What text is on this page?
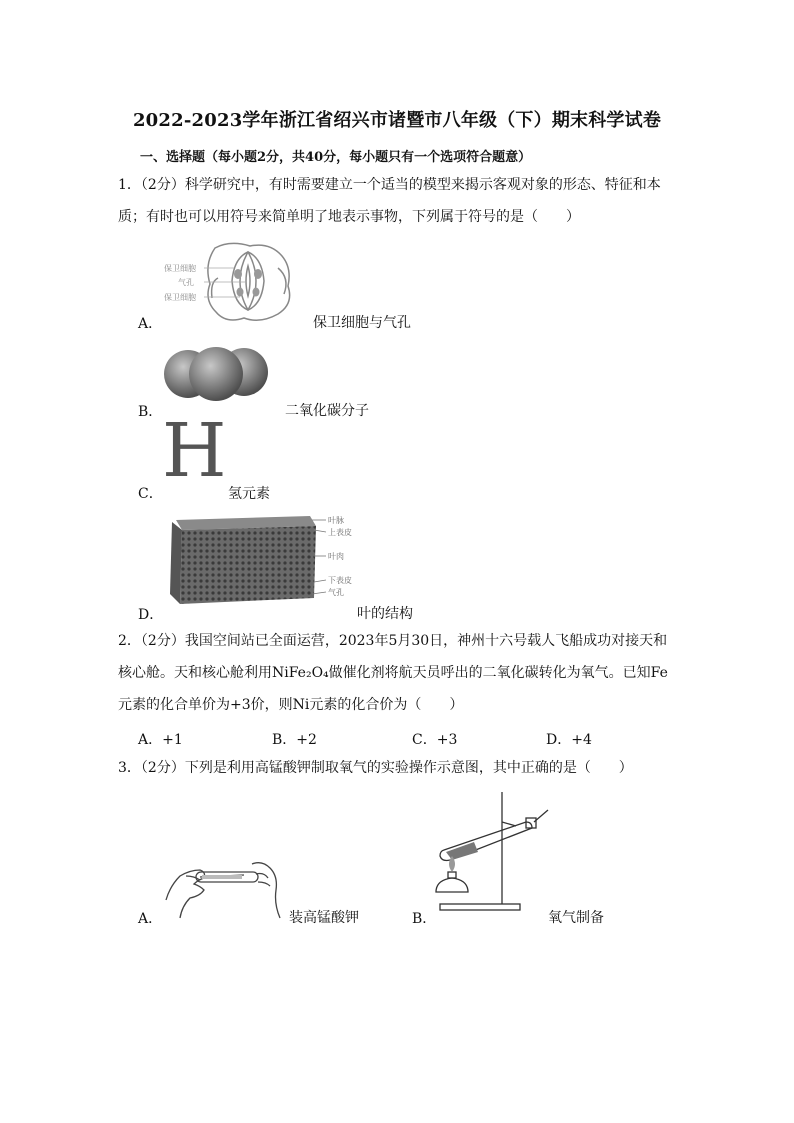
2022-2023学年浙江省绍兴市诸暨市八年级（下）期末科学试卷
一、选择题（每小题2分，共40分，每小题只有一个选项符合题意）
1．（2分）科学研究中，有时需要建立一个适当的模型来揭示客观对象的形态、特征和本
质；有时也可以用符号来简单明了地表示事物，下列属于符号的是（　　）
保卫细胞
气孔
保卫细胞
A．	保卫细胞与气孔
B．	二氧化碳分子
H
C．	氢元素
叶脉
上表皮
叶肉
下表皮
气孔
D．	叶的结构
2．（2分）我国空间站已全面运营，2023年5月30日，神州十六号载人飞船成功对接天和
核心舱。天和核心舱利用NiFe₂O₄做催化剂将航天员呼出的二氧化碳转化为氧气。已知Fe
元素的化合单价为+3价，则Ni元素的化合价为（　　）
A．+1	B．+2	C．+3	D．+4
3．（2分）下列是利用高锰酸钾制取氧气的实验操作示意图，其中正确的是（　　）
A．	装高锰酸钾	B．	氧气制备
